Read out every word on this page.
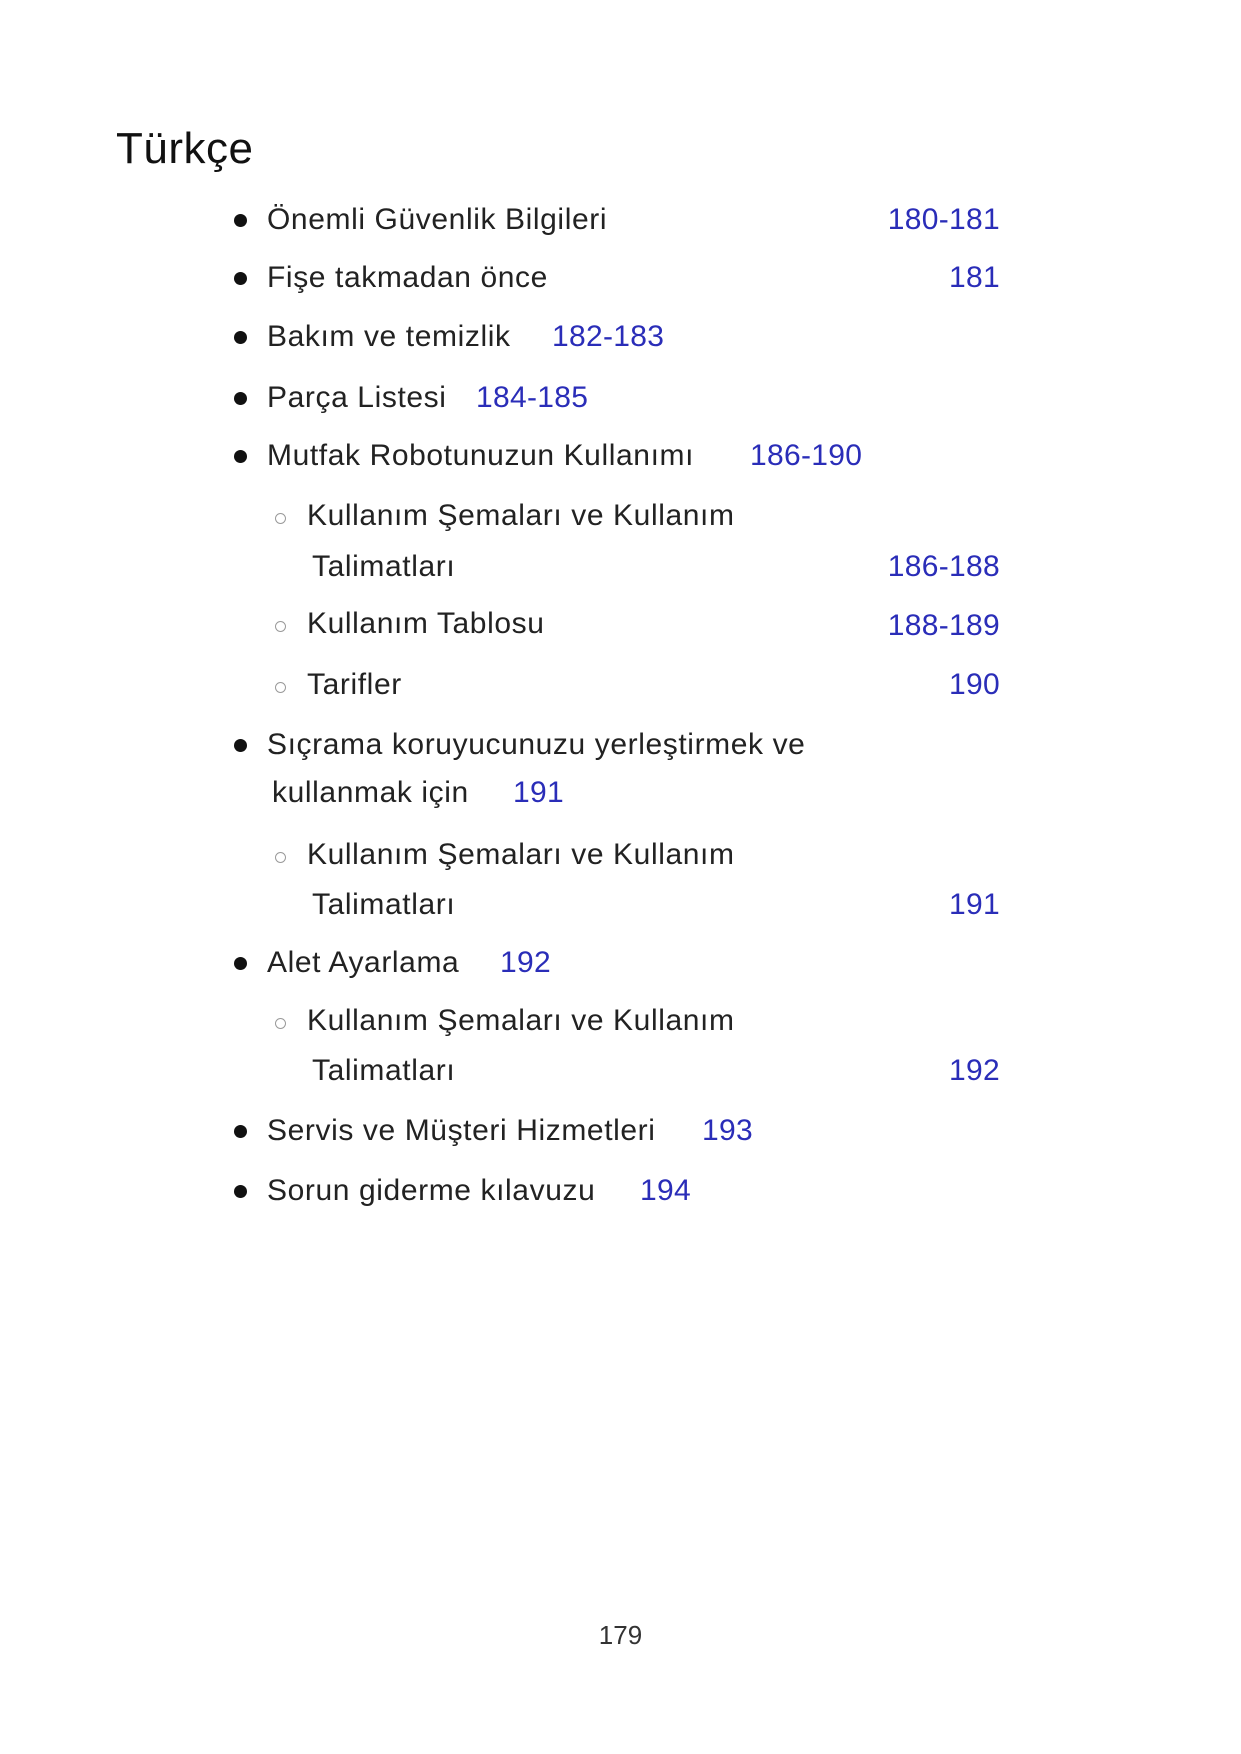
Türkçe
Önemli Güvenlik Bilgileri	180-181
Fişe takmadan önce	181
Bakım ve temizlik 182-183
Parça Listesi 184-185
Mutfak Robotunuzun Kullanımı 186-190
Kullanım Şemaları ve Kullanım
Talimatları	186-188
Kullanım Tablosu	188-189
Tarifler	190
Sıçrama koruyucunuzu yerleştirmek ve
kullanmak için 191
Kullanım Şemaları ve Kullanım
Talimatları	191
Alet Ayarlama 192
Kullanım Şemaları ve Kullanım
Talimatları	192
Servis ve Müşteri Hizmetleri 193
Sorun giderme kılavuzu 194
179
